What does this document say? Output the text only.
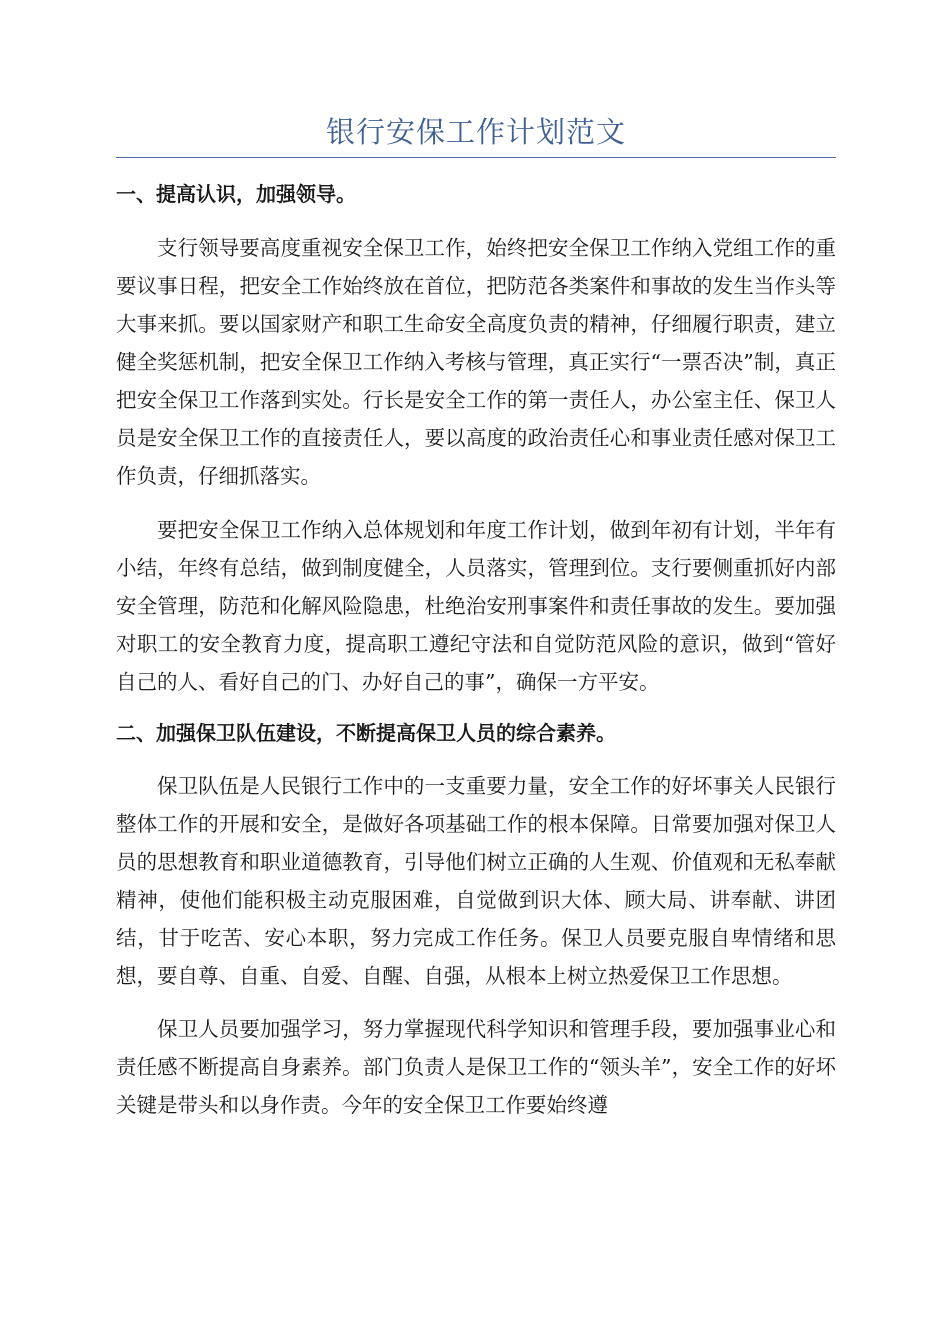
银行安保工作计划范文
一、提高认识，加强领导。

支行领导要高度重视安全保卫工作，始终把安全保卫工作纳入党组工作的重要议事日程，把安全工作始终放在首位，把防范各类案件和事故的发生当作头等大事来抓。要以国家财产和职工生命安全高度负责的精神，仔细履行职责，建立健全奖惩机制，把安全保卫工作纳入考核与管理，真正实行“一票否决”制，真正把安全保卫工作落到实处。行长是安全工作的第一责任人，办公室主任、保卫人员是安全保卫工作的直接责任人，要以高度的政治责任心和事业责任感对保卫工作负责，仔细抓落实。

要把安全保卫工作纳入总体规划和年度工作计划，做到年初有计划，半年有小结，年终有总结，做到制度健全，人员落实，管理到位。支行要侧重抓好内部安全管理，防范和化解风险隐患，杜绝治安刑事案件和责任事故的发生。要加强对职工的安全教育力度，提高职工遵纪守法和自觉防范风险的意识，做到“管好自己的人、看好自己的门、办好自己的事”，确保一方平安。

二、加强保卫队伍建设，不断提高保卫人员的综合素养。

保卫队伍是人民银行工作中的一支重要力量，安全工作的好坏事关人民银行整体工作的开展和安全，是做好各项基础工作的根本保障。日常要加强对保卫人员的思想教育和职业道德教育，引导他们树立正确的人生观、价值观和无私奉献精神，使他们能积极主动克服困难，自觉做到识大体、顾大局、讲奉献、讲团结，甘于吃苦、安心本职，努力完成工作任务。保卫人员要克服自卑情绪和思想，要自尊、自重、自爱、自醒、自强，从根本上树立热爱保卫工作思想。

保卫人员要加强学习，努力掌握现代科学知识和管理手段，要加强事业心和责任感不断提高自身素养。部门负责人是保卫工作的“领头羊”，安全工作的好坏关键是带头和以身作责。今年的安全保卫工作要始终遵
